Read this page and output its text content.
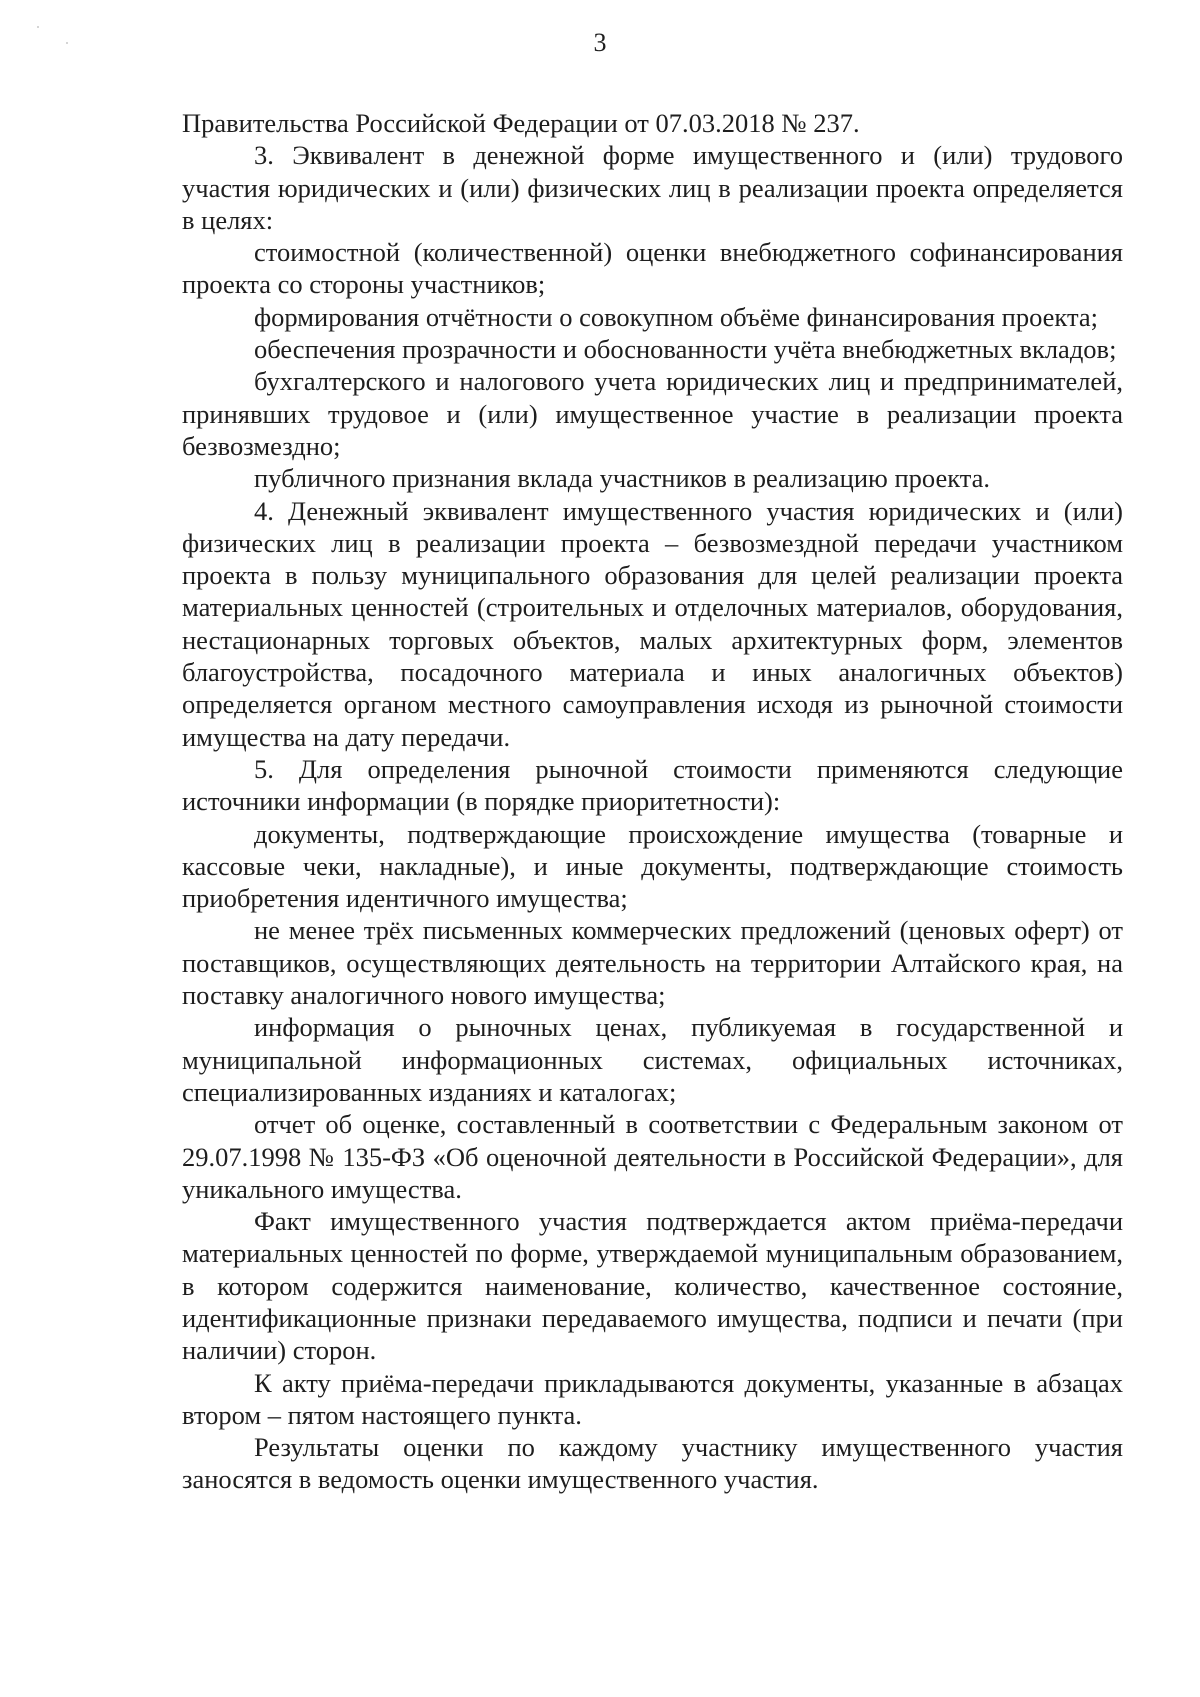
3

Правительства Российской Федерации от 07.03.2018 № 237.

3. Эквивалент в денежной форме имущественного и (или) трудового участия юридических и (или) физических лиц в реализации проекта определяется в целях:

стоимостной (количественной) оценки внебюджетного софинансирования проекта со стороны участников;

формирования отчётности о совокупном объёме финансирования проекта;

обеспечения прозрачности и обоснованности учёта внебюджетных вкладов;

бухгалтерского и налогового учета юридических лиц и предпринимателей, принявших трудовое и (или) имущественное участие в реализации проекта безвозмездно;

публичного признания вклада участников в реализацию проекта.

4. Денежный эквивалент имущественного участия юридических и (или) физических лиц в реализации проекта – безвозмездной передачи участником проекта в пользу муниципального образования для целей реализации проекта материальных ценностей (строительных и отделочных материалов, оборудования, нестационарных торговых объектов, малых архитектурных форм, элементов благоустройства, посадочного материала и иных аналогичных объектов) определяется органом местного самоуправления исходя из рыночной стоимости имущества на дату передачи.

5. Для определения рыночной стоимости применяются следующие источники информации (в порядке приоритетности):

документы, подтверждающие происхождение имущества (товарные и кассовые чеки, накладные), и иные документы, подтверждающие стоимость приобретения идентичного имущества;

не менее трёх письменных коммерческих предложений (ценовых оферт) от поставщиков, осуществляющих деятельность на территории Алтайского края, на поставку аналогичного нового имущества;

информация о рыночных ценах, публикуемая в государственной и муниципальной информационных системах, официальных источниках, специализированных изданиях и каталогах;

отчет об оценке, составленный в соответствии с Федеральным законом от 29.07.1998 № 135-ФЗ «Об оценочной деятельности в Российской Федерации», для уникального имущества.

Факт имущественного участия подтверждается актом приёма-передачи материальных ценностей по форме, утверждаемой муниципальным образованием, в котором содержится наименование, количество, качественное состояние, идентификационные признаки передаваемого имущества, подписи и печати (при наличии) сторон.

К акту приёма-передачи прикладываются документы, указанные в абзацах втором – пятом настоящего пункта.

Результаты оценки по каждому участнику имущественного участия заносятся в ведомость оценки имущественного участия.
